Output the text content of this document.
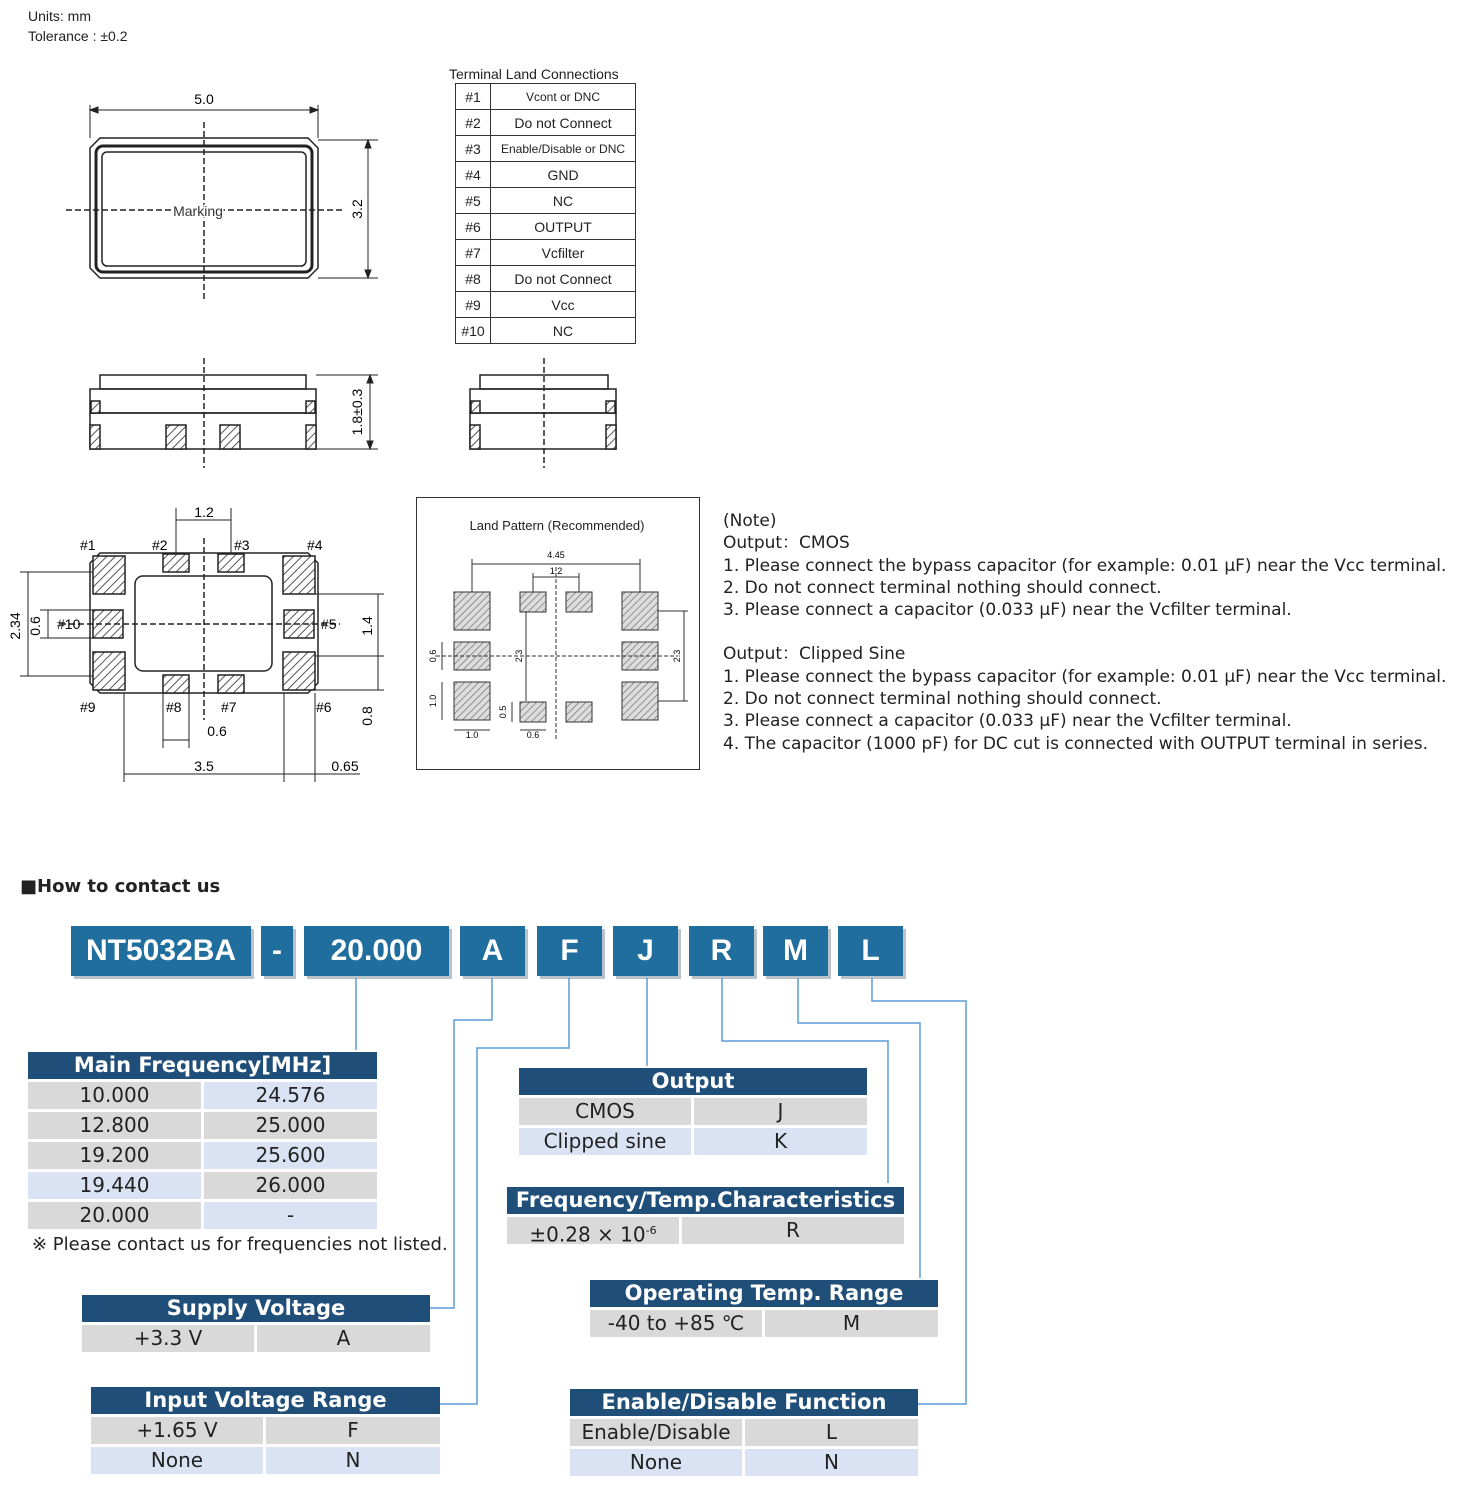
Units: mm
Tolerance : ±0.2
5.0
3.2
Marking
1.8±0.3
1.2
2.34 0.6	1.4
0.8
0.6
3.5	0.65
#1	#2	#3	#4
#5
#6
#7
#8
#9
#10
Terminal Land Connections
#1	Vcont or DNC
#2	Do not Connect
#3	Enable/Disable or DNC
#4	GND
#5	NC
#6	OUTPUT
#7	Vcfilter
#8	Do not Connect
#9	Vcc
#10	NC
Land Pattern (Recommended)
4.45
1.2
0.6	2.3	2.3
1.0
0.5
1.0	0.6
(Note)
Output：CMOS
1. Please connect the bypass capacitor (for example: 0.01 μF) near the Vcc terminal.
2. Do not connect terminal nothing should connect.
3. Please connect a capacitor (0.033 μF) near the Vcfilter terminal.
Output：Clipped Sine
1. Please connect the bypass capacitor (for example: 0.01 μF) near the Vcc terminal.
2. Do not connect terminal nothing should connect.
3. Please connect a capacitor (0.033 μF) near the Vcfilter terminal.
4. The capacitor (1000 pF) for DC cut is connected with OUTPUT terminal in series.
■How to contact us
NT5032BA	-	20.000	A	F	J	R	M	L
Main Frequency[MHz]
10.000	24.576
12.800	25.000
19.200	25.600
19.440	26.000
20.000	-
※ Please contact us for frequencies not listed.
Supply Voltage
+3.3 V	A
Input Voltage Range
+1.65 V	F
None	N
Output
CMOS	J
Clipped sine	K
Frequency/Temp.Characteristics
$\pm 0.28 \times 10^{-6}$	R
Operating Temp. Range
-40 to +85 ℃	M
Enable/Disable Function
Enable/Disable	L
None	N
